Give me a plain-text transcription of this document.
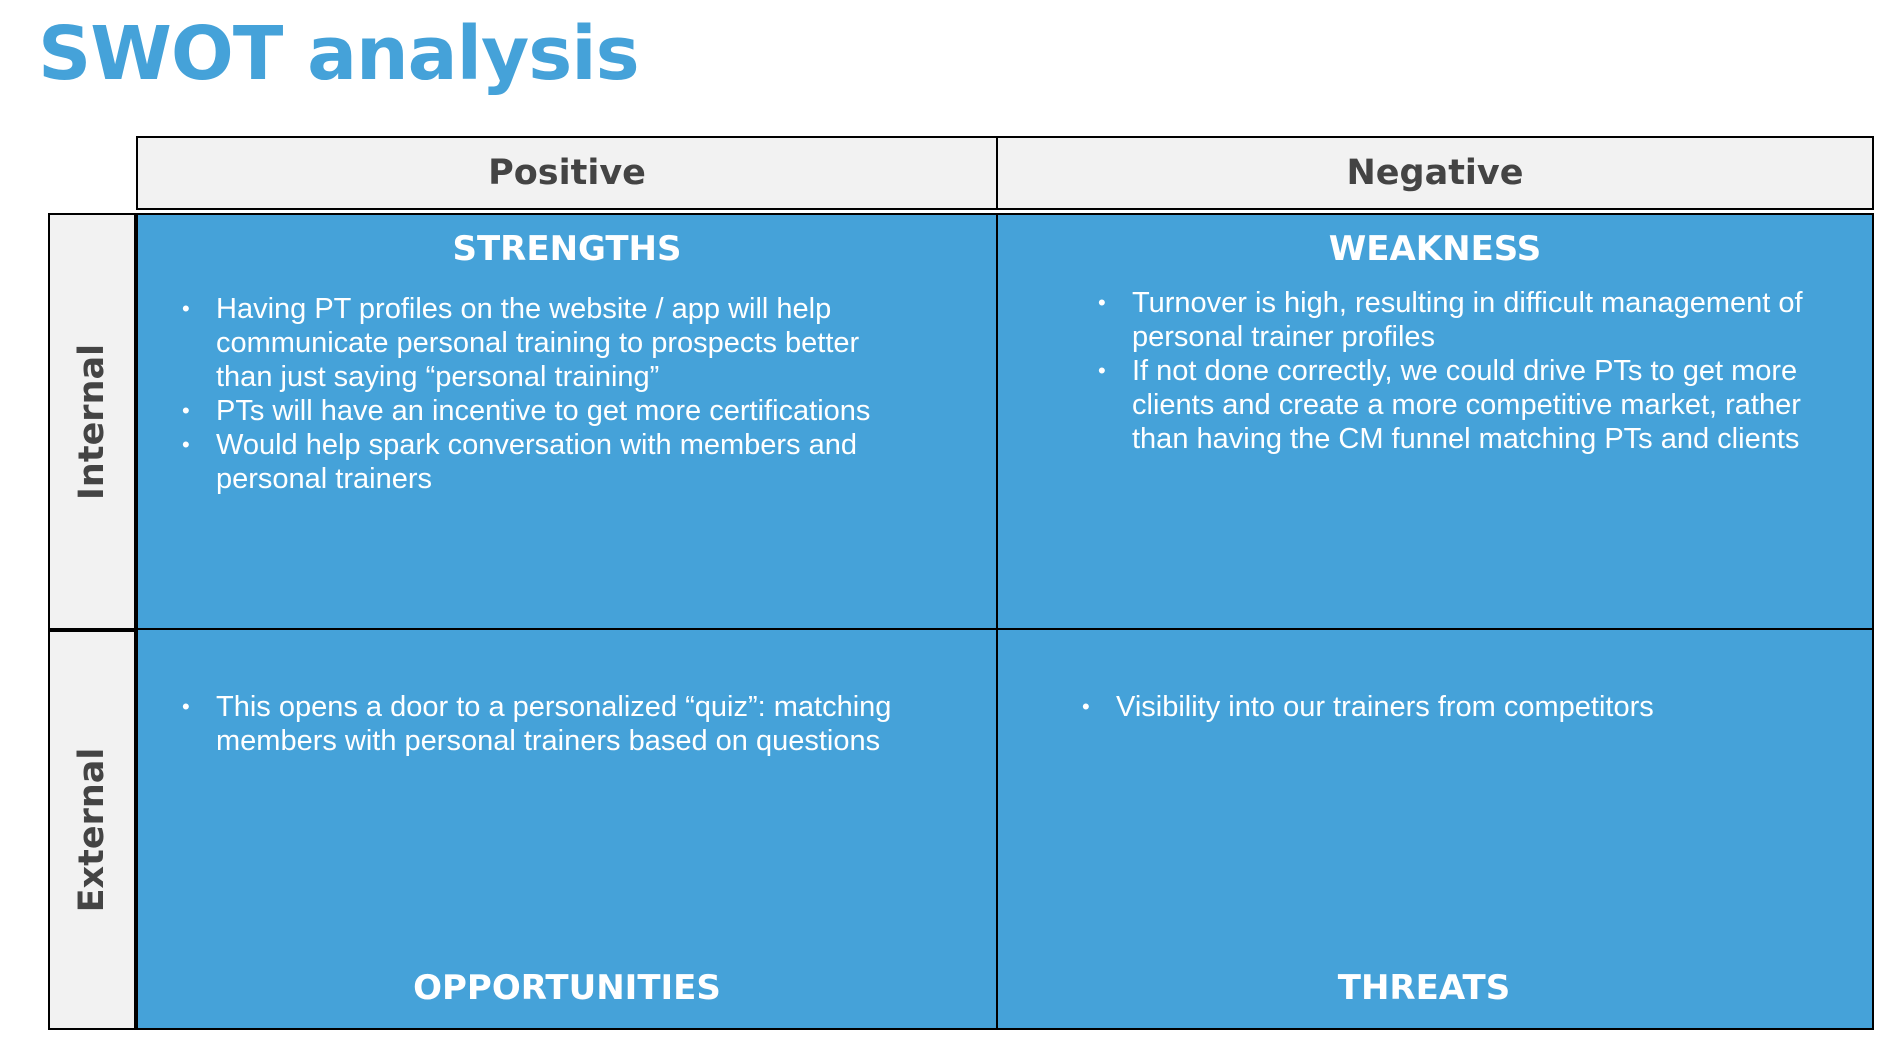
SWOT analysis
Positive	Negative
Internal
External
STRENGTHS
• Having PT profiles on the website / app will help communicate personal training to prospects better than just saying “personal training”
• PTs will have an incentive to get more certifications
• Would help spark conversation with members and personal trainers
WEAKNESS
• Turnover is high, resulting in difficult management of personal trainer profiles
• If not done correctly, we could drive PTs to get more clients and create a more competitive market, rather than having the CM funnel matching PTs and clients
• This opens a door to a personalized “quiz”: matching members with personal trainers based on questions
OPPORTUNITIES
• Visibility into our trainers from competitors
THREATS
